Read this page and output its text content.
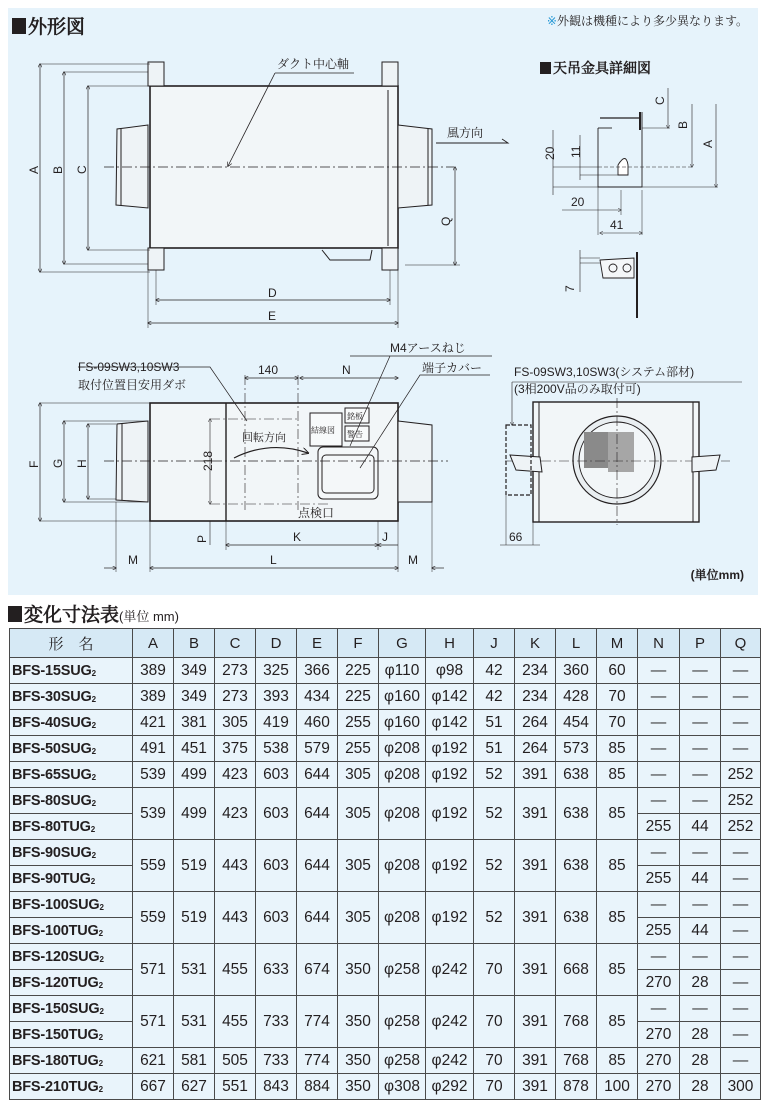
外形図	※外観は機種により多少異なります。
天吊金具詳細図
ダクト中心軸
風方向
A B C
Q
D
E
C
B
A
20 11
20
41
7
FS-09SW3,10SW3
取付位置目安用ダボ
140	N
M4アースねじ
端子カバー
回転方向
結線図
銘板
警告
点検口
218
F G H
P	K	J
M	L	M
FS-09SW3,10SW3(システム部材)
(3相200V品のみ取付可)
66
(単位mm)
変化寸法表(単位 mm)
形　名	A	B	C	D	E	F	G	H	J	K	L	M	N	P	Q
BFS-$15SUG_2$	389	349	273	325	366	225	φ110	φ98	42	234	360	60	—	—	—
BFS-$30SUG_2$	389	349	273	393	434	225	φ160	φ142	42	234	428	70	—	—	—
BFS-$40SUG_2$	421	381	305	419	460	255	φ160	φ142	51	264	454	70	—	—	—
BFS-$50SUG_2$	491	451	375	538	579	255	φ208	φ192	51	264	573	85	—	—	—
BFS-$65SUG_2$	539	499	423	603	644	305	φ208	φ192	52	391	638	85	—	—	252
BFS-$80SUG_2$	539	499	423	603	644	305	φ208	φ192	52	391	638	85	—	—	252
BFS-$80TUG_2$													255	44	252
BFS-$90SUG_2$	559	519	443	603	644	305	φ208	φ192	52	391	638	85	—	—	—
BFS-$90TUG_2$													255	44	—
BFS-$100SUG_2$	559	519	443	603	644	305	φ208	φ192	52	391	638	85	—	—	—
BFS-$100TUG_2$													255	44	—
BFS-$120SUG_2$	571	531	455	633	674	350	φ258	φ242	70	391	668	85	—	—	—
BFS-$120TUG_2$													270	28	—
BFS-$150SUG_2$	571	531	455	733	774	350	φ258	φ242	70	391	768	85	—	—	—
BFS-$150TUG_2$													270	28	—
BFS-$180TUG_2$	621	581	505	733	774	350	φ258	φ242	70	391	768	85	270	28	—
BFS-$210TUG_2$	667	627	551	843	884	350	φ308	φ292	70	391	878	100	270	28	300
